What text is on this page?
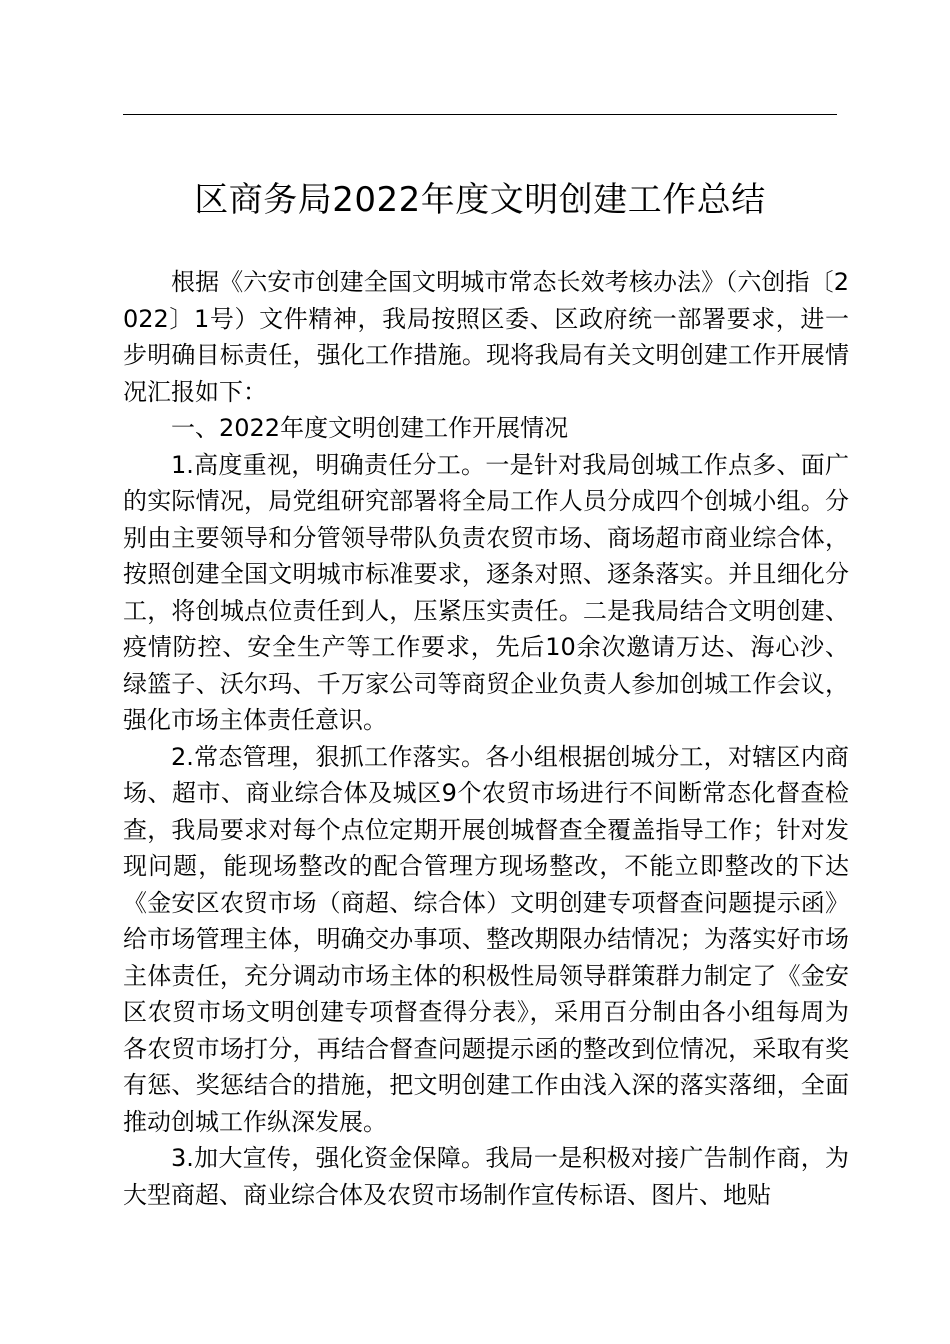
区商务局2022年度文明创建工作总结

根据《六安市创建全国文明城市常态长效考核办法》（六创指〔2022〕1号）文件精神，我局按照区委、区政府统一部署要求，进一步明确目标责任，强化工作措施。现将我局有关文明创建工作开展情况汇报如下：

一、2022年度文明创建工作开展情况

1.高度重视，明确责任分工。一是针对我局创城工作点多、面广的实际情况，局党组研究部署将全局工作人员分成四个创城小组。分别由主要领导和分管领导带队负责农贸市场、商场超市商业综合体，按照创建全国文明城市标准要求，逐条对照、逐条落实。并且细化分工，将创城点位责任到人，压紧压实责任。二是我局结合文明创建、疫情防控、安全生产等工作要求，先后10余次邀请万达、海心沙、绿篮子、沃尔玛、千万家公司等商贸企业负责人参加创城工作会议，强化市场主体责任意识。

2.常态管理，狠抓工作落实。各小组根据创城分工，对辖区内商场、超市、商业综合体及城区9个农贸市场进行不间断常态化督查检查，我局要求对每个点位定期开展创城督查全覆盖指导工作；针对发现问题，能现场整改的配合管理方现场整改，不能立即整改的下达《金安区农贸市场（商超、综合体）文明创建专项督查问题提示函》给市场管理主体，明确交办事项、整改期限办结情况；为落实好市场主体责任，充分调动市场主体的积极性局领导群策群力制定了《金安区农贸市场文明创建专项督查得分表》，采用百分制由各小组每周为各农贸市场打分，再结合督查问题提示函的整改到位情况，采取有奖有惩、奖惩结合的措施，把文明创建工作由浅入深的落实落细，全面推动创城工作纵深发展。

3.加大宣传，强化资金保障。我局一是积极对接广告制作商，为大型商超、商业综合体及农贸市场制作宣传标语、图片、地贴
